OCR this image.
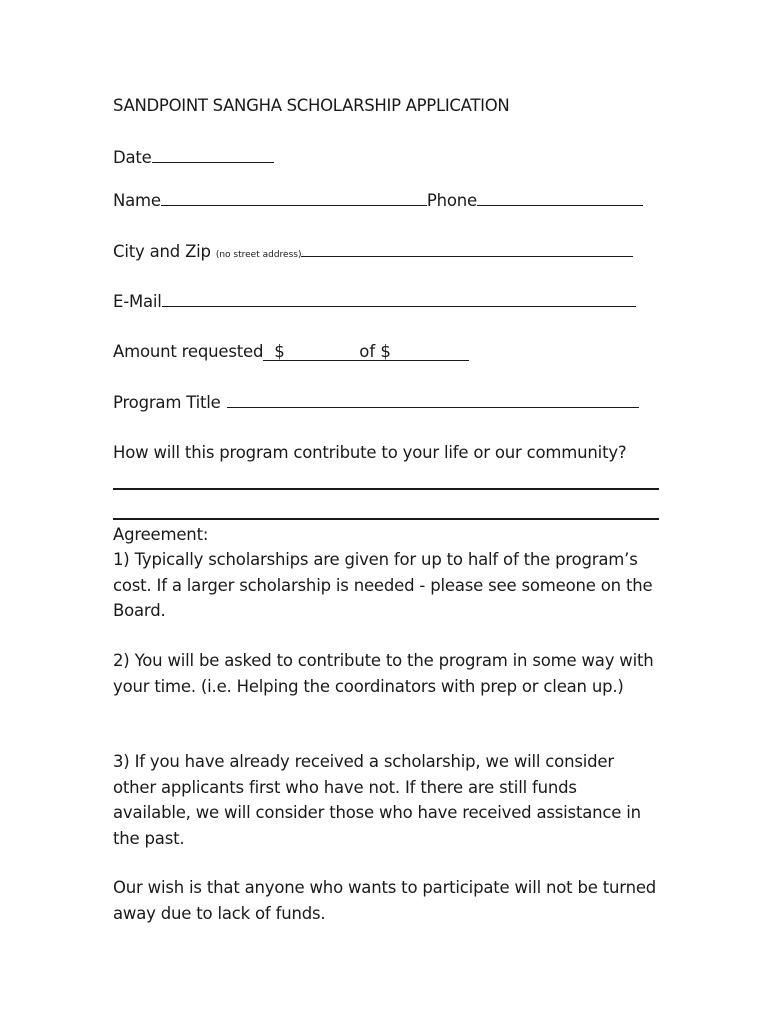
SANDPOINT SANGHA SCHOLARSHIP APPLICATION
Date
Name	Phone
City and Zip (no street address)
E-Mail
Amount requested $	of $
Program Title
How will this program contribute to your life or our community?
Agreement:
1) Typically scholarships are given for up to half of the program’s cost. If a larger scholarship is needed - please see someone on the Board.
2) You will be asked to contribute to the program in some way with your time. (i.e. Helping the coordinators with prep or clean up.)
3) If you have already received a scholarship, we will consider other applicants first who have not. If there are still funds available, we will consider those who have received assistance in the past.
Our wish is that anyone who wants to participate will not be turned away due to lack of funds.
